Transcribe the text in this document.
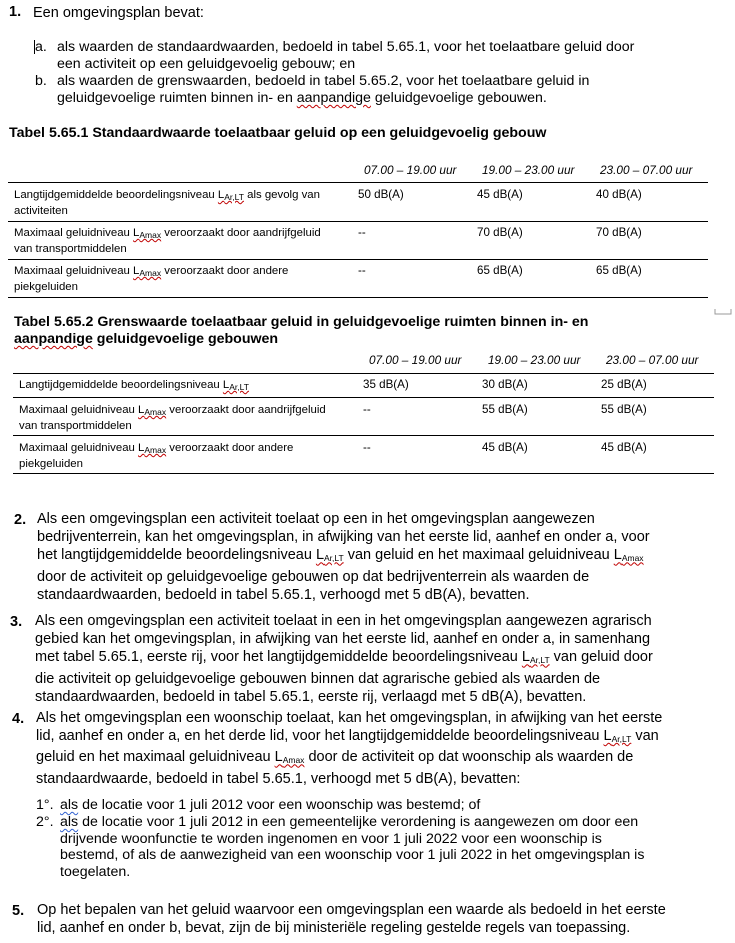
1. Een omgevingsplan bevat:
a. als waarden de standaardwaarden, bedoeld in tabel 5.65.1, voor het toelaatbare geluid door
een activiteit op een geluidgevoelig gebouw; en
b. als waarden de grenswaarden, bedoeld in tabel 5.65.2, voor het toelaatbare geluid in
geluidgevoelige ruimten binnen in- en aanpandige geluidgevoelige gebouwen.
Tabel 5.65.1 Standaardwaarde toelaatbaar geluid op een geluidgevoelig gebouw
07.00 – 19.00 uur 19.00 – 23.00 uur 23.00 – 07.00 uur
Langtijdgemiddelde beoordelingsniveau LAr,LT als gevolg van
activiteiten
50 dB(A)	45 dB(A)	40 dB(A)
Maximaal geluidniveau LAmax veroorzaakt door aandrijfgeluid
van transportmiddelen
--	70 dB(A)	70 dB(A)
Maximaal geluidniveau LAmax veroorzaakt door andere
piekgeluiden
--	65 dB(A)	65 dB(A)
Tabel 5.65.2 Grenswaarde toelaatbaar geluid in geluidgevoelige ruimten binnen in- en
aanpandige geluidgevoelige gebouwen
07.00 – 19.00 uur 19.00 – 23.00 uur 23.00 – 07.00 uur
Langtijdgemiddelde beoordelingsniveau LAr,LT	35 dB(A)	30 dB(A)	25 dB(A)
Maximaal geluidniveau LAmax veroorzaakt door aandrijfgeluid
van transportmiddelen
--	55 dB(A)	55 dB(A)
Maximaal geluidniveau LAmax veroorzaakt door andere
piekgeluiden
--	45 dB(A)	45 dB(A)
2. Als een omgevingsplan een activiteit toelaat op een in het omgevingsplan aangewezen
bedrijventerrein, kan het omgevingsplan, in afwijking van het eerste lid, aanhef en onder a, voor
het langtijdgemiddelde beoordelingsniveau LAr,LT van geluid en het maximaal geluidniveau LAmax
door de activiteit op geluidgevoelige gebouwen op dat bedrijventerrein als waarden de
standaardwaarden, bedoeld in tabel 5.65.1, verhoogd met 5 dB(A), bevatten.
3. Als een omgevingsplan een activiteit toelaat in een in het omgevingsplan aangewezen agrarisch
gebied kan het omgevingsplan, in afwijking van het eerste lid, aanhef en onder a, in samenhang
met tabel 5.65.1, eerste rij, voor het langtijdgemiddelde beoordelingsniveau LAr,LT van geluid door
die activiteit op geluidgevoelige gebouwen binnen dat agrarische gebied als waarden de
standaardwaarden, bedoeld in tabel 5.65.1, eerste rij, verlaagd met 5 dB(A), bevatten.
4. Als het omgevingsplan een woonschip toelaat, kan het omgevingsplan, in afwijking van het eerste
lid, aanhef en onder a, en het derde lid, voor het langtijdgemiddelde beoordelingsniveau LAr,LT van
geluid en het maximaal geluidniveau LAmax door de activiteit op dat woonschip als waarden de
standaardwaarde, bedoeld in tabel 5.65.1, verhoogd met 5 dB(A), bevatten:
1°. als de locatie voor 1 juli 2012 voor een woonschip was bestemd; of
2°. als de locatie voor 1 juli 2012 in een gemeentelijke verordening is aangewezen om door een
drijvende woonfunctie te worden ingenomen en voor 1 juli 2022 voor een woonschip is
bestemd, of als de aanwezigheid van een woonschip voor 1 juli 2022 in het omgevingsplan is
toegelaten.
5. Op het bepalen van het geluid waarvoor een omgevingsplan een waarde als bedoeld in het eerste
lid, aanhef en onder b, bevat, zijn de bij ministeriële regeling gestelde regels van toepassing.
